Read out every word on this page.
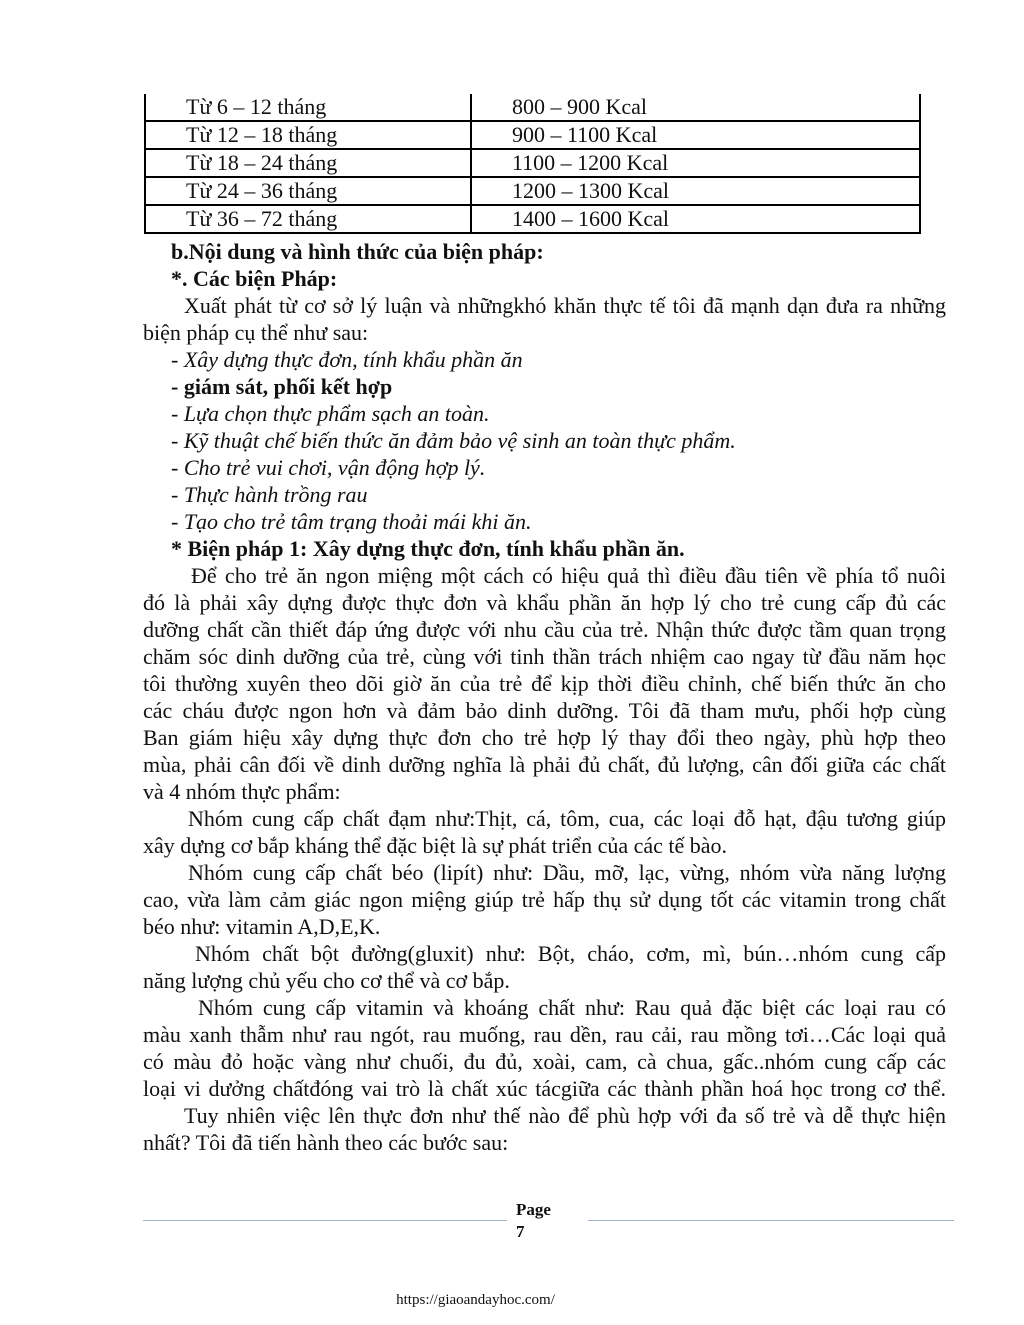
Từ 6 – 12 tháng	800 – 900 Kcal
Từ 12 – 18 tháng	900 – 1100 Kcal
Từ 18 – 24 tháng	1100 – 1200 Kcal
Từ 24 – 36 tháng	1200 – 1300 Kcal
Từ 36 – 72 tháng	1400 – 1600 Kcal

b.Nội dung và hình thức của biện pháp:

*. Các biện Pháp:

Xuất phát từ cơ sở lý luận và nhữngkhó khăn thực tế tôi đã mạnh dạn đưa ra những

biện pháp cụ thể như sau:

- Xây dựng thực đơn, tính khẩu phần ăn

- giám sát, phối kết hợp

- Lựa chọn thực phẩm sạch an toàn.

- Kỹ thuật chế biến thức ăn đảm bảo vệ sinh an toàn thực phẩm.

- Cho trẻ vui chơi, vận động hợp lý.

- Thực hành trồng rau

- Tạo cho trẻ tâm trạng thoải mái khi ăn.

* Biện pháp 1: Xây dựng thực đơn, tính khẩu phần ăn.

Để cho trẻ ăn ngon miệng một cách có hiệu quả thì điều đầu tiên về phía tổ nuôi

đó là phải xây dựng được thực đơn và khẩu phần ăn hợp lý cho trẻ cung cấp đủ các

dưỡng chất cần thiết đáp ứng được với nhu cầu của trẻ. Nhận thức được tầm quan trọng

chăm sóc dinh dưỡng của trẻ, cùng với tinh thần trách nhiệm cao ngay từ đầu năm học

tôi thường xuyên theo dõi giờ ăn của trẻ để kịp thời điều chỉnh, chế biến thức ăn cho

các cháu được ngon hơn và đảm bảo dinh dưỡng. Tôi đã tham mưu, phối hợp cùng

Ban giám hiệu xây dựng thực đơn cho trẻ hợp lý thay đổi theo ngày, phù hợp theo

mùa, phải cân đối về dinh dưỡng nghĩa là phải đủ chất, đủ lượng, cân đối giữa các chất

và 4 nhóm thực phẩm:

Nhóm cung cấp chất đạm như:Thịt, cá, tôm, cua, các loại đỗ hạt, đậu tương giúp

xây dựng cơ bắp kháng thể đặc biệt là sự phát triển của các tế bào.

Nhóm cung cấp chất béo (lipít) như: Dầu, mỡ, lạc, vừng, nhóm vừa năng lượng

cao, vừa làm cảm giác ngon miệng giúp trẻ hấp thụ sử dụng tốt các vitamin trong chất

béo như: vitamin A,D,E,K.

Nhóm chất bột đường(gluxit) như: Bột, cháo, cơm, mì, bún…nhóm cung cấp

năng lượng chủ yếu cho cơ thể và cơ bắp.

Nhóm cung cấp vitamin và khoáng chất như: Rau quả đặc biệt các loại rau có

màu xanh thẫm như rau ngót, rau muống, rau dền, rau cải, rau mồng tơi…Các loại quả

có màu đỏ hoặc vàng như chuối, đu đủ, xoài, cam, cà chua, gấc..nhóm cung cấp các

loại vi dưởng chấtđóng vai trò là chất xúc tácgiữa các thành phần hoá học trong cơ thể.

Tuy nhiên việc lên thực đơn như thế nào để phù hợp với đa số trẻ và dễ thực hiện

nhất? Tôi đã tiến hành theo các bước sau:

Page
7
https://giaoandayhoc.com/
